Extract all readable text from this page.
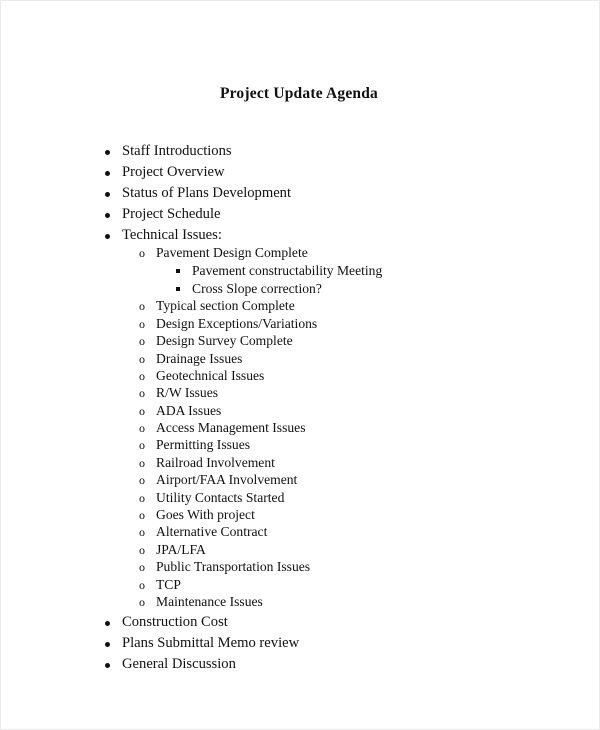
Project Update Agenda
Staff Introductions
Project Overview
Status of Plans Development
Project Schedule
Technical Issues:
o Pavement Design Complete
Pavement constructability Meeting
Cross Slope correction?
o Typical section Complete
o Design Exceptions/Variations
o Design Survey Complete
o Drainage Issues
o Geotechnical Issues
o R/W Issues
o ADA Issues
o Access Management Issues
o Permitting Issues
o Railroad Involvement
o Airport/FAA Involvement
o Utility Contacts Started
o Goes With project
o Alternative Contract
o JPA/LFA
o Public Transportation Issues
o TCP
o Maintenance Issues
Construction Cost
Plans Submittal Memo review
General Discussion
